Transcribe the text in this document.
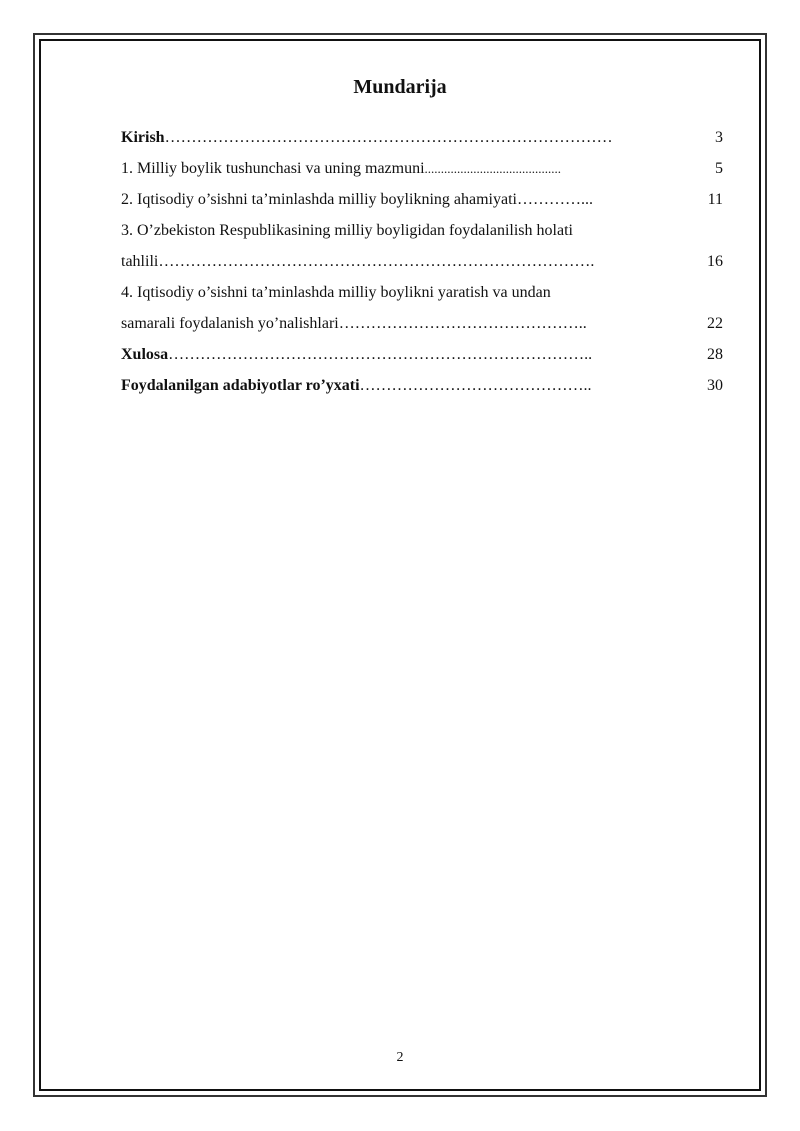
Mundarija
Kirish…………………………………………………………………………	3
1. Milliy boylik tushunchasi va uning mazmuni..........................................	5
2. Iqtisodiy o’sishni ta’minlashda milliy boylikning ahamiyati…………...	11
3. O’zbekiston Respublikasining milliy boyligidan foydalanilish holati
tahlili……………………………………………………………………….	16
4. Iqtisodiy o’sishni ta’minlashda milliy boylikni yaratish va undan
samarali foydalanish yo’nalishlari………………………………………..	22
Xulosa……………………………………………………………………..	28
Foydalanilgan adabiyotlar ro’yxati……………………………………..	30
2
